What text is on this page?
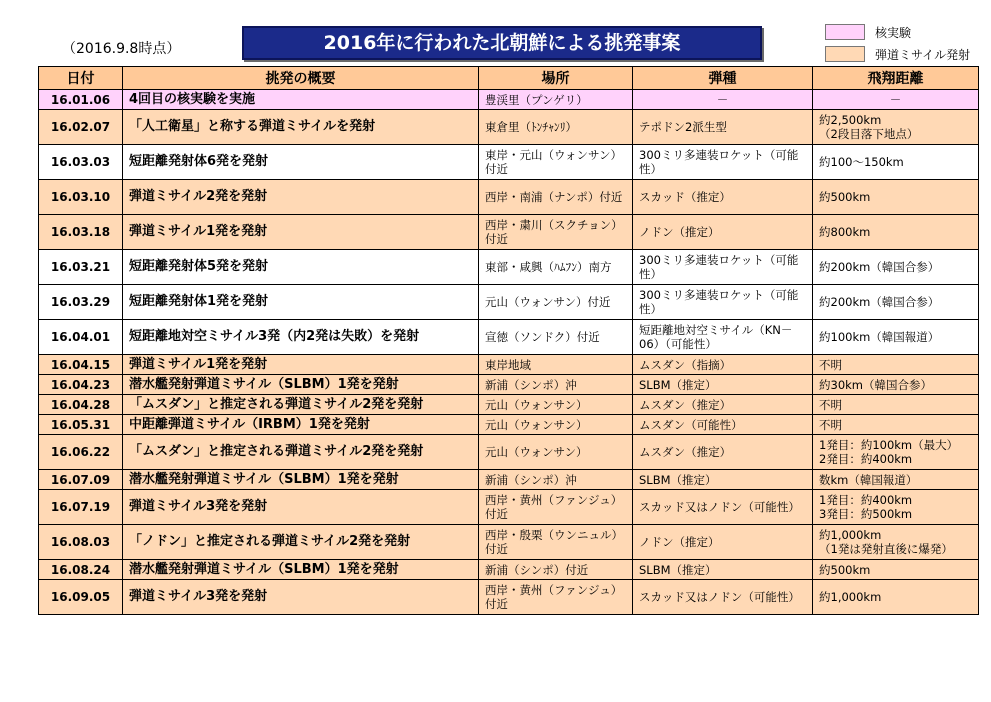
（2016.9.8時点）	2016年に行われた北朝鮮による挑発事案	核実験
弾道ミサイル発射
日付	挑発の概要	場所	弾種	飛翔距離
16.01.06	4回目の核実験を実施	豊渓里（プンゲリ）	－	－
16.02.07	「人工衛星」と称する弾道ミサイルを発射	東倉里（ﾄﾝﾁｬﾝﾘ）	テポドン2派生型	約2,500km
（2段目落下地点）
16.03.03	短距離発射体6発を発射	東岸・元山（ウォンサン）付近	300ミリ多連装ロケット（可能性）	約100～150km
16.03.10	弾道ミサイル2発を発射	西岸・南浦（ナンポ）付近	スカッド（推定）	約500km
16.03.18	弾道ミサイル1発を発射	西岸・粛川（スクチョン）付近	ノドン（推定）	約800km
16.03.21	短距離発射体5発を発射	東部・咸興（ﾊﾑﾌﾝ）南方	300ミリ多連装ロケット（可能性）	約200km（韓国合参）
16.03.29	短距離発射体1発を発射	元山（ウォンサン）付近	300ミリ多連装ロケット（可能性）	約200km（韓国合参）
16.04.01	短距離地対空ミサイル3発（内2発は失敗）を発射	宣徳（ソンドク）付近	短距離地対空ミサイル（KN－06）（可能性）	約100km（韓国報道）
16.04.15	弾道ミサイル1発を発射	東岸地域	ムスダン（指摘）	不明
16.04.23	潜水艦発射弾道ミサイル（SLBM）1発を発射	新浦（シンポ）沖	SLBM（推定）	約30km（韓国合参）
16.04.28	「ムスダン」と推定される弾道ミサイル2発を発射	元山（ウォンサン）	ムスダン（推定）	不明
16.05.31	中距離弾道ミサイル（IRBM）1発を発射	元山（ウォンサン）	ムスダン（可能性）	不明
16.06.22	「ムスダン」と推定される弾道ミサイル2発を発射	元山（ウォンサン）	ムスダン（推定）	1発目：約100km（最大）
2発目：約400km
16.07.09	潜水艦発射弾道ミサイル（SLBM）1発を発射	新浦（シンポ）沖	SLBM（推定）	数km（韓国報道）
16.07.19	弾道ミサイル3発を発射	西岸・黄州（ファンジュ）付近	スカッド又はノドン（可能性）	1発目：約400km
3発目：約500km
16.08.03	「ノドン」と推定される弾道ミサイル2発を発射	西岸・殷栗（ウンニュル）付近	ノドン（推定）	約1,000km
（1発は発射直後に爆発）
16.08.24	潜水艦発射弾道ミサイル（SLBM）1発を発射	新浦（シンポ）付近	SLBM（推定）	約500km
16.09.05	弾道ミサイル3発を発射	西岸・黄州（ファンジュ）付近	スカッド又はノドン（可能性）	約1,000km
